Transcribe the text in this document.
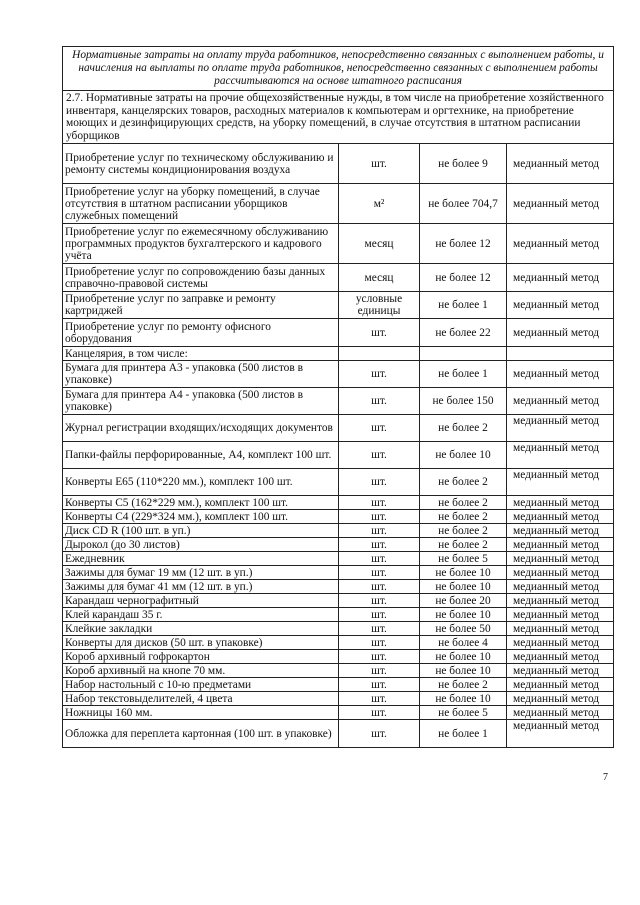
Нормативные затраты на оплату труда работников, непосредственно связанных с выполнением работы, и начисления на выплаты по оплате труда работников, непосредственно связанных с выполнением работы рассчитываются на основе штатного расписания			
2.7. Нормативные затраты на прочие общехозяйственные нужды, в том числе на приобретение хозяйственного инвентаря, канцелярских товаров, расходных материалов к компьютерам и оргтехнике, на приобретение моющих и дезинфицирующих средств, на уборку помещений, в случае отсутствия в штатном расписании уборщиков			
Приобретение услуг по техническому обслуживанию и ремонту системы кондиционирования воздуха	шт.	не более 9	медианный метод
Приобретение услуг на уборку помещений, в случае отсутствия в штатном расписании уборщиков служебных помещений	м²	не более 704,7	медианный метод
Приобретение услуг по ежемесячному обслуживанию программных продуктов бухгалтерского и кадрового учёта	месяц	не более 12	медианный метод
Приобретение услуг по сопровождению базы данных справочно-правовой системы	месяц	не более 12	медианный метод
Приобретение услуг по заправке и ремонту картриджей	условные единицы	не более 1	медианный метод
Приобретение услуг по ремонту офисного оборудования	шт.	не более 22	медианный метод
Канцелярия, в том числе:			
Бумага для принтера А3 - упаковка (500 листов в упаковке)	шт.	не более 1	медианный метод
Бумага для принтера А4 - упаковка (500 листов в упаковке)	шт.	не более 150	медианный метод
Журнал регистрации входящих/исходящих документов	шт.	не более 2	медианный метод
Папки-файлы перфорированные, А4, комплект 100 шт.	шт.	не более 10	медианный метод
Конверты Е65 (110*220 мм.), комплект 100 шт.	шт.	не более 2	медианный метод
Конверты С5 (162*229 мм.), комплект 100 шт.	шт.	не более 2	медианный метод
Конверты С4 (229*324 мм.), комплект 100 шт.	шт.	не более 2	медианный метод
Диск CD R (100 шт. в уп.)	шт.	не более 2	медианный метод
Дырокол (до 30 листов)	шт.	не более 2	медианный метод
Ежедневник	шт.	не более 5	медианный метод
Зажимы для бумаг 19 мм (12 шт. в уп.)	шт.	не более 10	медианный метод
Зажимы для бумаг 41 мм (12 шт. в уп.)	шт.	не более 10	медианный метод
Карандаш чернографитный	шт.	не более 20	медианный метод
Клей карандаш 35 г.	шт.	не более 10	медианный метод
Клейкие закладки	шт.	не более 50	медианный метод
Конверты для дисков (50 шт. в упаковке)	шт.	не более 4	медианный метод
Короб архивный гофрокартон	шт.	не более 10	медианный метод
Короб архивный на кнопе 70 мм.	шт.	не более 10	медианный метод
Набор настольный с 10-ю предметами	шт.	не более 2	медианный метод
Набор текстовыделителей, 4 цвета	шт.	не более 10	медианный метод
Ножницы 160 мм.	шт.	не более 5	медианный метод
Обложка для переплета картонная (100 шт. в упаковке)	шт.	не более 1	медианный метод
7
